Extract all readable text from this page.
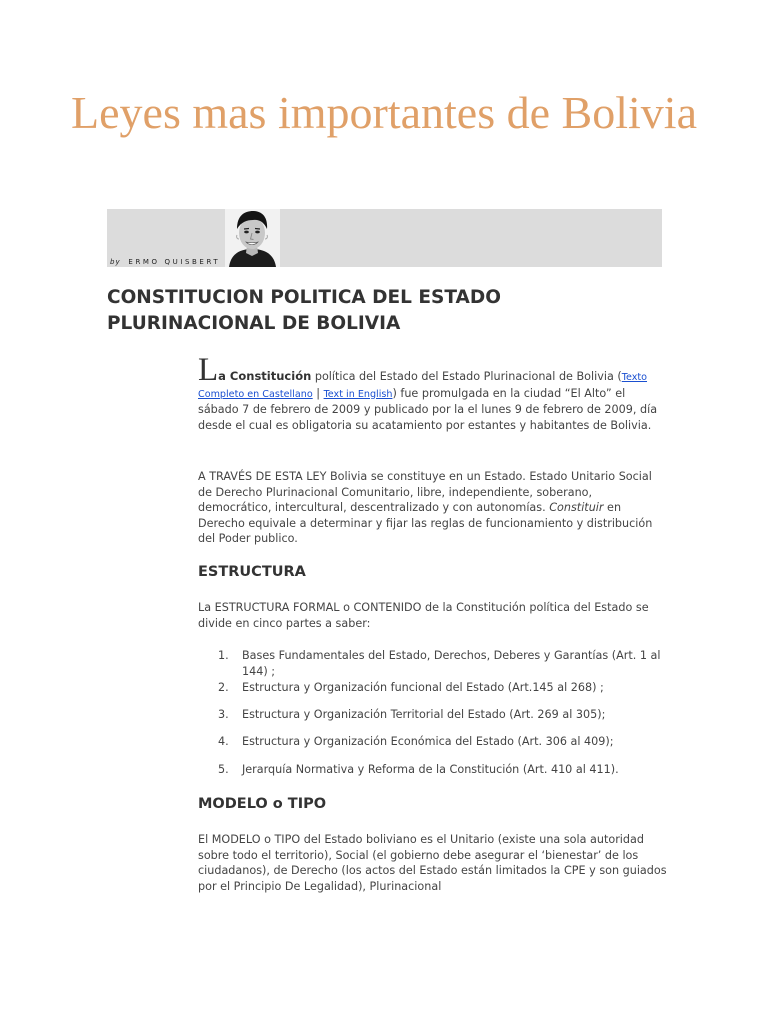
Leyes mas importantes de Bolivia
by ERMO QUISBERT
CONSTITUCION POLITICA DEL ESTADO PLURINACIONAL DE BOLIVIA

La Constitución política del Estado del Estado Plurinacional de Bolivia (Texto Completo en Castellano | Text in English) fue promulgada en la ciudad “El Alto” el sábado 7 de febrero de 2009 y publicado por la el lunes 9 de febrero de 2009, día desde el cual es obligatoria su acatamiento por estantes y habitantes de Bolivia.

A TRAVÉS DE ESTA LEY Bolivia se constituye en un Estado. Estado Unitario Social de Derecho Plurinacional Comunitario, libre, independiente, soberano, democrático, intercultural, descentralizado y con autonomías. Constituir en Derecho equivale a determinar y fijar las reglas de funcionamiento y distribución del Poder publico.

ESTRUCTURA

La ESTRUCTURA FORMAL o CONTENIDO de la Constitución política del Estado se divide en cinco partes a saber:

1. Bases Fundamentales del Estado, Derechos, Deberes y Garantías (Art. 1 al 144) ;
2. Estructura y Organización funcional del Estado (Art.145 al 268) ;
3. Estructura y Organización Territorial del Estado (Art. 269 al 305);
4. Estructura y Organización Económica del Estado (Art. 306 al 409);
5. Jerarquía Normativa y Reforma de la Constitución (Art. 410 al 411).
MODELO o TIPO

El MODELO o TIPO del Estado boliviano es el Unitario (existe una sola autoridad sobre todo el territorio), Social (el gobierno debe asegurar el ‘bienestar’ de los ciudadanos), de Derecho (los actos del Estado están limitados la CPE y son guiados por el Principio De Legalidad), Plurinacional
